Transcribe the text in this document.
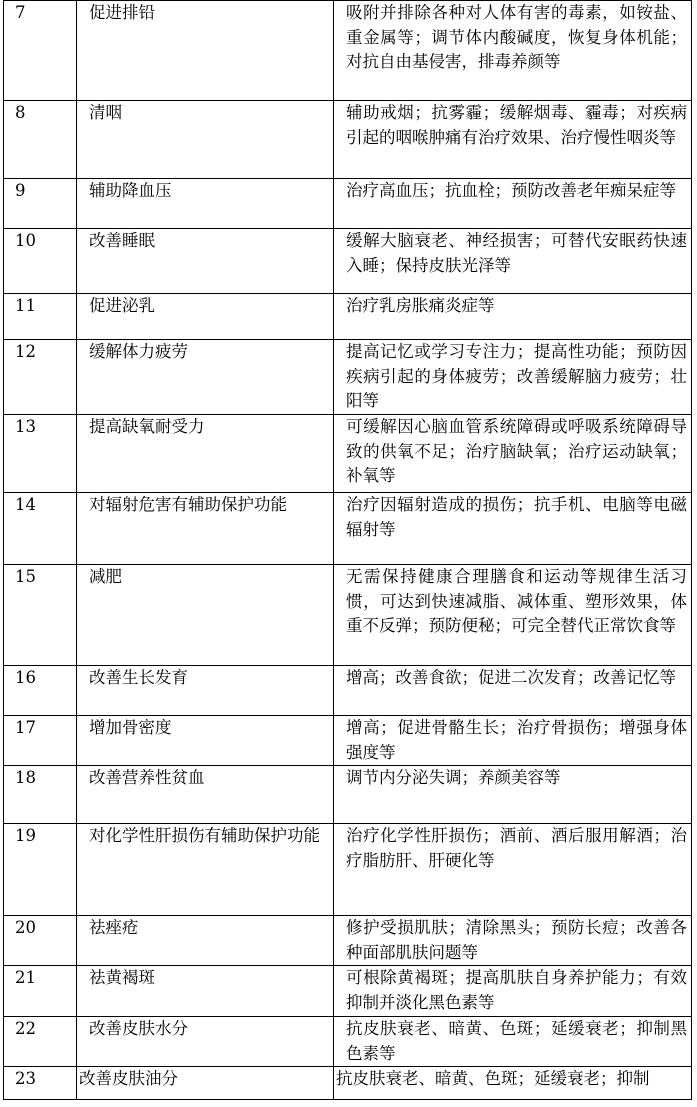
7	促进排铅	吸附并排除各种对人体有害的毒素，如铵盐、重金属等；调节体内酸碱度，恢复身体机能；对抗自由基侵害，排毒养颜等
8	清咽	辅助戒烟；抗雾霾；缓解烟毒、霾毒；对疾病引起的咽喉肿痛有治疗效果、治疗慢性咽炎等
9	辅助降血压	治疗高血压；抗血栓；预防改善老年痴呆症等
10	改善睡眠	缓解大脑衰老、神经损害；可替代安眠药快速入睡；保持皮肤光泽等
11	促进泌乳	治疗乳房胀痛炎症等
12	缓解体力疲劳	提高记忆或学习专注力；提高性功能；预防因疾病引起的身体疲劳；改善缓解脑力疲劳；壮阳等
13	提高缺氧耐受力	可缓解因心脑血管系统障碍或呼吸系统障碍导致的供氧不足；治疗脑缺氧；治疗运动缺氧；补氧等
14	对辐射危害有辅助保护功能	治疗因辐射造成的损伤；抗手机、电脑等电磁辐射等
15	减肥	无需保持健康合理膳食和运动等规律生活习惯，可达到快速减脂、减体重、塑形效果，体重不反弹；预防便秘；可完全替代正常饮食等
16	改善生长发育	增高；改善食欲；促进二次发育；改善记忆等
17	增加骨密度	增高；促进骨骼生长；治疗骨损伤；增强身体强度等
18	改善营养性贫血	调节内分泌失调；养颜美容等
19	对化学性肝损伤有辅助保护功能	治疗化学性肝损伤；酒前、酒后服用解酒；治疗脂肪肝、肝硬化等
20	祛痤疮	修护受损肌肤；清除黑头；预防长痘；改善各种面部肌肤问题等
21	祛黄褐斑	可根除黄褐斑；提高肌肤自身养护能力；有效抑制并淡化黑色素等
22	改善皮肤水分	抗皮肤衰老、暗黄、色斑；延缓衰老；抑制黑色素等
23	改善皮肤油分	抗皮肤衰老、暗黄、色斑；延缓衰老；抑制
